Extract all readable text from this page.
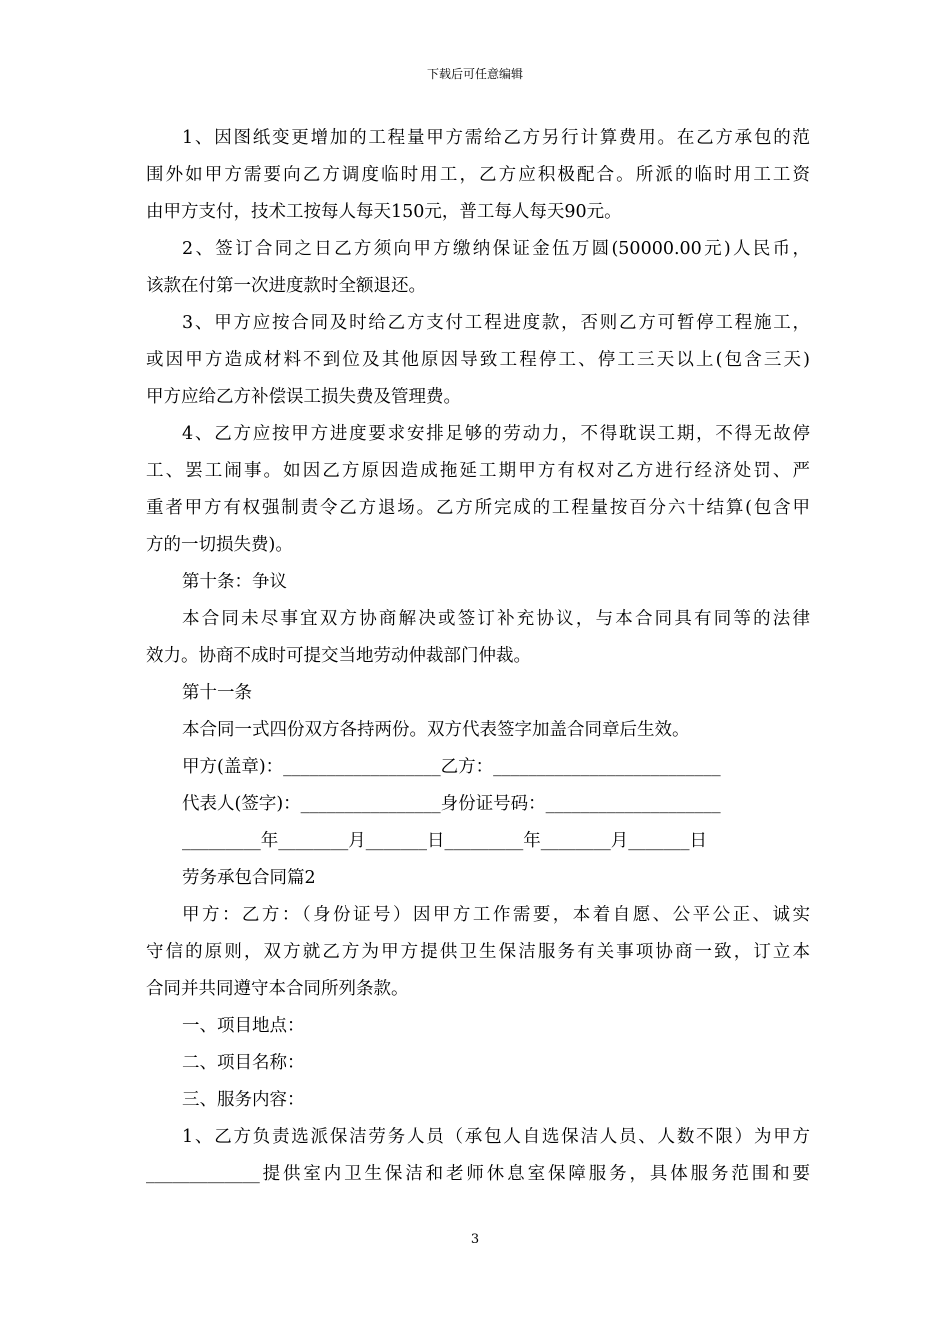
下载后可任意编辑
1、因图纸变更增加的工程量甲方需给乙方另行计算费用。在乙方承包的范
围外如甲方需要向乙方调度临时用工，乙方应积极配合。所派的临时用工工资
由甲方支付，技术工按每人每天150元，普工每人每天90元。
2、签订合同之日乙方须向甲方缴纳保证金伍万圆(50000.00元)人民币，
该款在付第一次进度款时全额退还。
3、甲方应按合同及时给乙方支付工程进度款，否则乙方可暂停工程施工，
或因甲方造成材料不到位及其他原因导致工程停工、停工三天以上(包含三天)
甲方应给乙方补偿误工损失费及管理费。
4、乙方应按甲方进度要求安排足够的劳动力，不得耽误工期，不得无故停
工、罢工闹事。如因乙方原因造成拖延工期甲方有权对乙方进行经济处罚、严
重者甲方有权强制责令乙方退场。乙方所完成的工程量按百分六十结算(包含甲
方的一切损失费)。
第十条：争议
本合同未尽事宜双方协商解决或签订补充协议，与本合同具有同等的法律
效力。协商不成时可提交当地劳动仲裁部门仲裁。
第十一条
本合同一式四份双方各持两份。双方代表签字加盖合同章后生效。
甲方(盖章)：__________________乙方：__________________________
代表人(签字)：________________身份证号码：____________________
_________年________月_______日_________年________月_______日
劳务承包合同篇2
甲方：乙方：（身份证号）因甲方工作需要，本着自愿、公平公正、诚实
守信的原则，双方就乙方为甲方提供卫生保洁服务有关事项协商一致，订立本
合同并共同遵守本合同所列条款。
一、项目地点：
二、项目名称：
三、服务内容：
1、乙方负责选派保洁劳务人员（承包人自选保洁人员、人数不限）为甲方
_____________提供室内卫生保洁和老师休息室保障服务，具体服务范围和要
3
